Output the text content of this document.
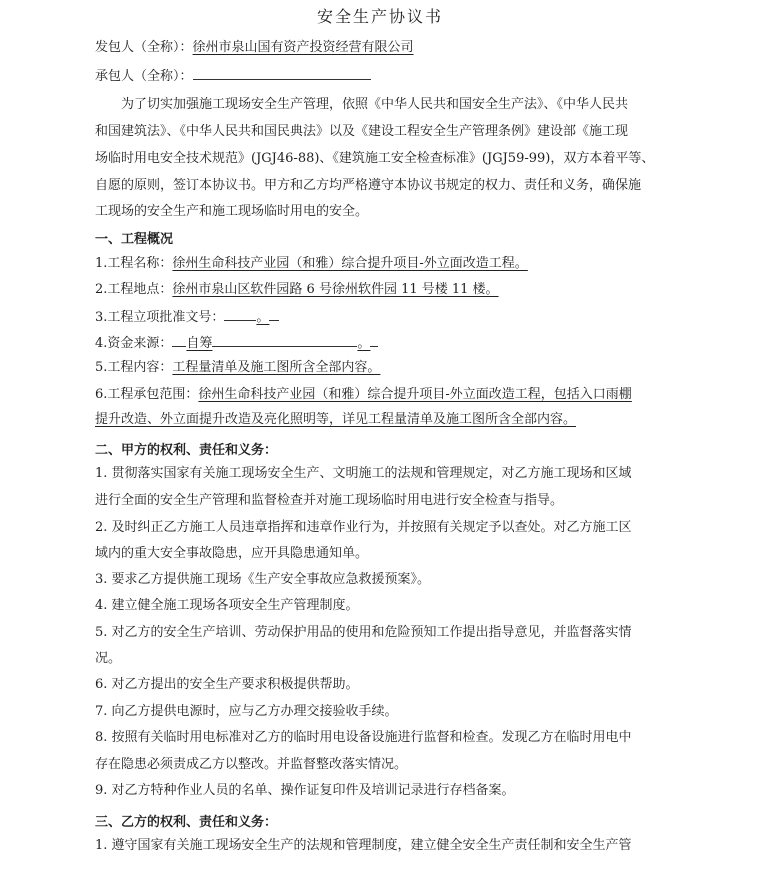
安全生产协议书
发包人（全称）：徐州市泉山国有资产投资经营有限公司
承包人（全称）：
为了切实加强施工现场安全生产管理，依照《中华人民共和国安全生产法》、《中华人民共
和国建筑法》、《中华人民共和国民典法》以及《建设工程安全生产管理条例》建设部《施工现
场临时用电安全技术规范》(JGJ46-88)、《建筑施工安全检查标准》(JGJ59-99)，双方本着平等、
自愿的原则，签订本协议书。甲方和乙方均严格遵守本协议书规定的权力、责任和义务，确保施
工现场的安全生产和施工现场临时用电的安全。
一、工程概况
1.工程名称：徐州生命科技产业园（和雅）综合提升项目-外立面改造工程。
2.工程地点：徐州市泉山区软件园路 6 号徐州软件园 11 号楼 11 楼。
3.工程立项批准文号： 。
4.资金来源： 自筹	。
5.工程内容：工程量清单及施工图所含全部内容。
6.工程承包范围：徐州生命科技产业园（和雅）综合提升项目-外立面改造工程，包括入口雨棚
提升改造、外立面提升改造及亮化照明等，详见工程量清单及施工图所含全部内容。
二、甲方的权利、责任和义务：
1. 贯彻落实国家有关施工现场安全生产、文明施工的法规和管理规定，对乙方施工现场和区域
进行全面的安全生产管理和监督检查并对施工现场临时用电进行安全检查与指导。
2. 及时纠正乙方施工人员违章指挥和违章作业行为，并按照有关规定予以查处。对乙方施工区
域内的重大安全事故隐患，应开具隐患通知单。
3. 要求乙方提供施工现场《生产安全事故应急救援预案》。
4. 建立健全施工现场各项安全生产管理制度。
5. 对乙方的安全生产培训、劳动保护用品的使用和危险预知工作提出指导意见，并监督落实情
况。
6. 对乙方提出的安全生产要求积极提供帮助。
7. 向乙方提供电源时，应与乙方办理交接验收手续。
8. 按照有关临时用电标准对乙方的临时用电设备设施进行监督和检查。发现乙方在临时用电中
存在隐患必须责成乙方以整改。并监督整改落实情况。
9. 对乙方特种作业人员的名单、操作证复印件及培训记录进行存档备案。
三、乙方的权利、责任和义务：
1. 遵守国家有关施工现场安全生产的法规和管理制度，建立健全安全生产责任制和安全生产管
